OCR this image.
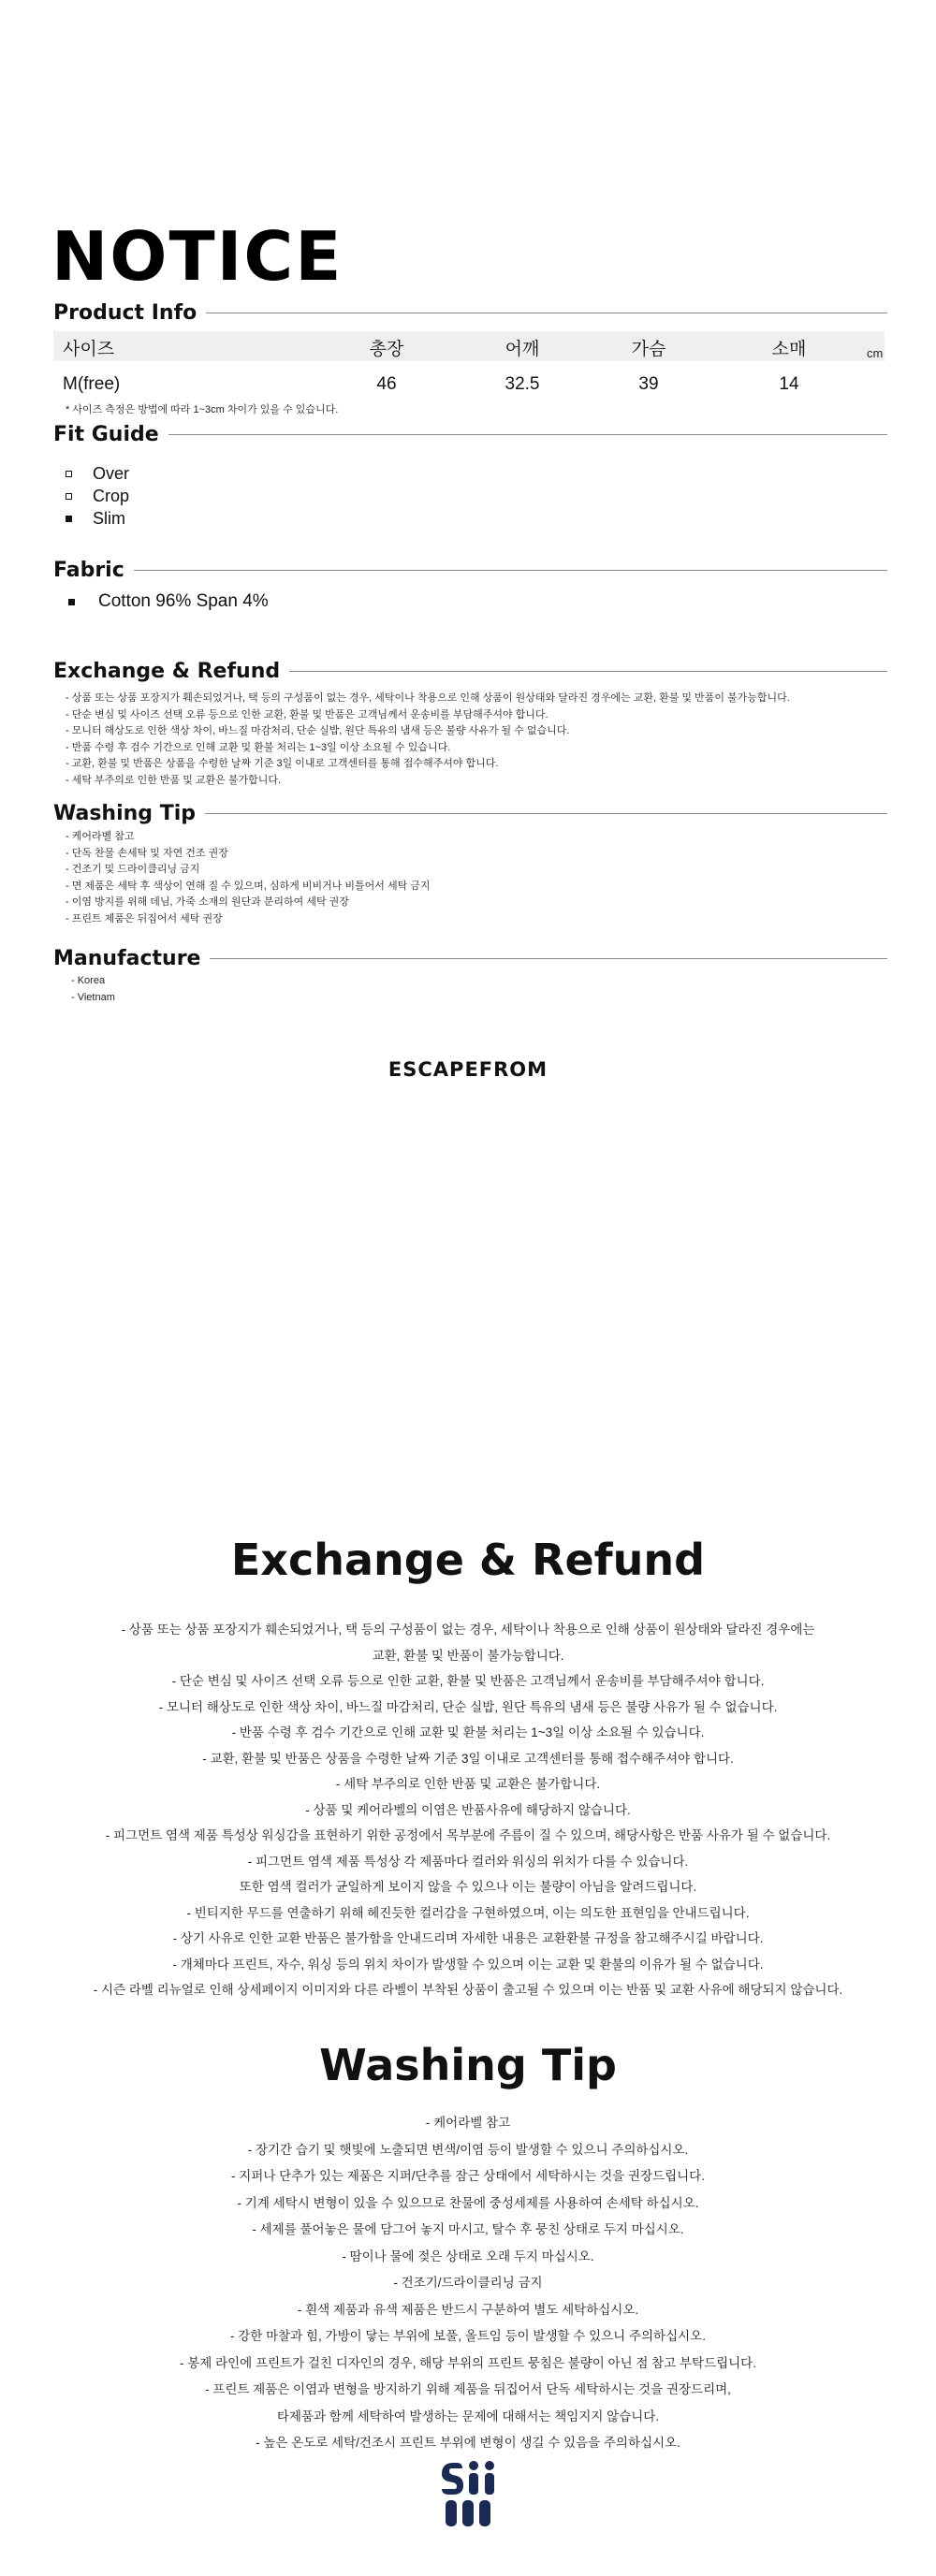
NOTICE
Product Info
사이즈	총장	어깨	가슴	소매	cm
M(free)	46	32.5	39	14
* 사이즈 측정은 방법에 따라 1~3cm 차이가 있을 수 있습니다.
Fit Guide
Over
Crop
Slim
Fabric
Cotton 96% Span 4%
Exchange & Refund
- 상품 또는 상품 포장지가 훼손되었거나, 택 등의 구성품이 없는 경우, 세탁이나 착용으로 인해 상품이 원상태와 달라진 경우에는 교환, 환불 및 반품이 불가능합니다.
- 단순 변심 및 사이즈 선택 오류 등으로 인한 교환, 환불 및 반품은 고객님께서 운송비를 부담해주셔야 합니다.
- 모니터 해상도로 인한 색상 차이, 바느질 마감처리, 단순 실밥, 원단 특유의 냄새 등은 불량 사유가 될 수 없습니다.
- 반품 수령 후 검수 기간으로 인해 교환 및 환불 처리는 1~3일 이상 소요될 수 있습니다.
- 교환, 환불 및 반품은 상품을 수령한 날짜 기준 3일 이내로 고객센터를 통해 접수해주셔야 합니다.
- 세탁 부주의로 인한 반품 및 교환은 불가합니다.
Washing Tip
- 케어라벨 참고
- 단독 찬물 손세탁 및 자연 건조 권장
- 건조기 및 드라이클리닝 금지
- 면 제품은 세탁 후 색상이 연해 질 수 있으며, 심하게 비비거나 비틀어서 세탁 금지
- 이염 방지를 위해 데님, 가죽 소재의 원단과 분리하여 세탁 권장
- 프린트 제품은 뒤집어서 세탁 권장
Manufacture
- Korea
- Vietnam
ESCAPEFROM
Exchange & Refund
- 상품 또는 상품 포장지가 훼손되었거나, 택 등의 구성품이 없는 경우, 세탁이나 착용으로 인해 상품이 원상태와 달라진 경우에는
교환, 환불 및 반품이 불가능합니다.
- 단순 변심 및 사이즈 선택 오류 등으로 인한 교환, 환불 및 반품은 고객님께서 운송비를 부담해주셔야 합니다.
- 모니터 해상도로 인한 색상 차이, 바느질 마감처리, 단순 실밥, 원단 특유의 냄새 등은 불량 사유가 될 수 없습니다.
- 반품 수령 후 검수 기간으로 인해 교환 및 환불 처리는 1~3일 이상 소요될 수 있습니다.
- 교환, 환불 및 반품은 상품을 수령한 날짜 기준 3일 이내로 고객센터를 통해 접수해주셔야 합니다.
- 세탁 부주의로 인한 반품 및 교환은 불가합니다.
- 상품 및 케어라벨의 이염은 반품사유에 해당하지 않습니다.
- 피그먼트 염색 제품 특성상 워싱감을 표현하기 위한 공정에서 목부분에 주름이 질 수 있으며, 해당사항은 반품 사유가 될 수 없습니다.
- 피그먼트 염색 제품 특성상 각 제품마다 컬러와 워싱의 위치가 다를 수 있습니다.
또한 염색 컬러가 균일하게 보이지 않을 수 있으나 이는 불량이 아님을 알려드립니다.
- 빈티지한 무드를 연출하기 위해 헤진듯한 컬러감을 구현하였으며, 이는 의도한 표현임을 안내드립니다.
- 상기 사유로 인한 교환 반품은 불가함을 안내드리며 자세한 내용은 교환환불 규정을 참고해주시길 바랍니다.
- 개체마다 프린트, 자수, 워싱 등의 위치 차이가 발생할 수 있으며 이는 교환 및 환불의 이유가 될 수 없습니다.
- 시즌 라벨 리뉴얼로 인해 상세페이지 이미지와 다른 라벨이 부착된 상품이 출고될 수 있으며 이는 반품 및 교환 사유에 해당되지 않습니다.
Washing Tip
- 케어라벨 참고
- 장기간 습기 및 햇빛에 노출되면 변색/이염 등이 발생할 수 있으니 주의하십시오.
- 지퍼나 단추가 있는 제품은 지퍼/단추를 잠근 상태에서 세탁하시는 것을 권장드립니다.
- 기계 세탁시 변형이 있을 수 있으므로 찬물에 중성세제를 사용하여 손세탁 하십시오.
- 세제를 풀어놓은 물에 담그어 놓지 마시고, 탈수 후 뭉친 상태로 두지 마십시오.
- 땀이나 물에 젖은 상태로 오래 두지 마십시오.
- 건조기/드라이클리닝 금지
- 흰색 제품과 유색 제품은 반드시 구분하여 별도 세탁하십시오.
- 강한 마찰과 힘, 가방이 닿는 부위에 보풀, 올트임 등이 발생할 수 있으니 주의하십시오.
- 봉제 라인에 프린트가 걸친 디자인의 경우, 해당 부위의 프린트 뭉침은 불량이 아닌 점 참고 부탁드립니다.
- 프린트 제품은 이염과 변형을 방지하기 위해 제품을 뒤집어서 단독 세탁하시는 것을 권장드리며,
타제품과 함께 세탁하여 발생하는 문제에 대해서는 책임지지 않습니다.
- 높은 온도로 세탁/건조시 프린트 부위에 변형이 생길 수 있음을 주의하십시오.
